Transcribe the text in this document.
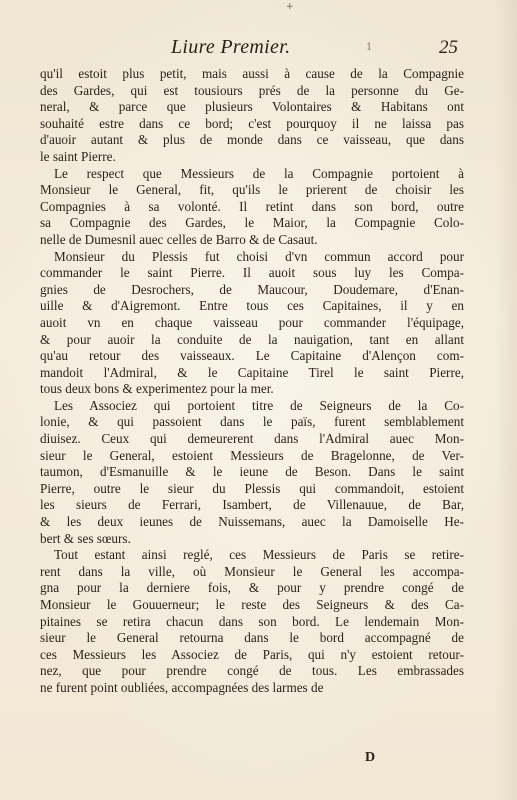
+
Liure Premier.	1	25
qu'il estoit plus petit, mais aussi à cause de la Compagnie
des Gardes, qui est tousiours prés de la personne du Ge-
neral, & parce que plusieurs Volontaires & Habitans ont
souhaité estre dans ce bord; c'est pourquoy il ne laissa pas
d'auoir autant & plus de monde dans ce vaisseau, que dans
le saint Pierre.
Le respect que Messieurs de la Compagnie portoient à
Monsieur le General, fit, qu'ils le prierent de choisir les
Compagnies à sa volonté. Il retint dans son bord, outre
sa Compagnie des Gardes, le Maior, la Compagnie Colo-
nelle de Dumesnil auec celles de Barro & de Casaut.
Monsieur du Plessis fut choisi d'vn commun accord pour
commander le saint Pierre. Il auoit sous luy les Compa-
gnies de Desrochers, de Maucour, Doudemare, d'Enan-
uille & d'Aigremont. Entre tous ces Capitaines, il y en
auoit vn en chaque vaisseau pour commander l'équipage,
& pour auoir la conduite de la nauigation, tant en allant
qu'au retour des vaisseaux. Le Capitaine d'Alençon com-
mandoit l'Admiral, & le Capitaine Tirel le saint Pierre,
tous deux bons & experimentez pour la mer.
Les Associez qui portoient titre de Seigneurs de la Co-
lonie, & qui passoient dans le païs, furent semblablement
diuisez. Ceux qui demeurerent dans l'Admiral auec Mon-
sieur le General, estoient Messieurs de Bragelonne, de Ver-
taumon, d'Esmanuille & le ieune de Beson. Dans le saint
Pierre, outre le sieur du Plessis qui commandoit, estoient
les sieurs de Ferrari, Isambert, de Villenauue, de Bar,
& les deux ieunes de Nuissemans, auec la Damoiselle He-
bert & ses sœurs.
Tout estant ainsi reglé, ces Messieurs de Paris se retire-
rent dans la ville, où Monsieur le General les accompa-
gna pour la derniere fois, & pour y prendre congé de
Monsieur le Gouuerneur; le reste des Seigneurs & des Ca-
pitaines se retira chacun dans son bord. Le lendemain Mon-
sieur le General retourna dans le bord accompagné de
ces Messieurs les Associez de Paris, qui n'y estoient retour-
nez, que pour prendre congé de tous. Les embrassades
ne furent point oubliées, accompagnées des larmes de
D
